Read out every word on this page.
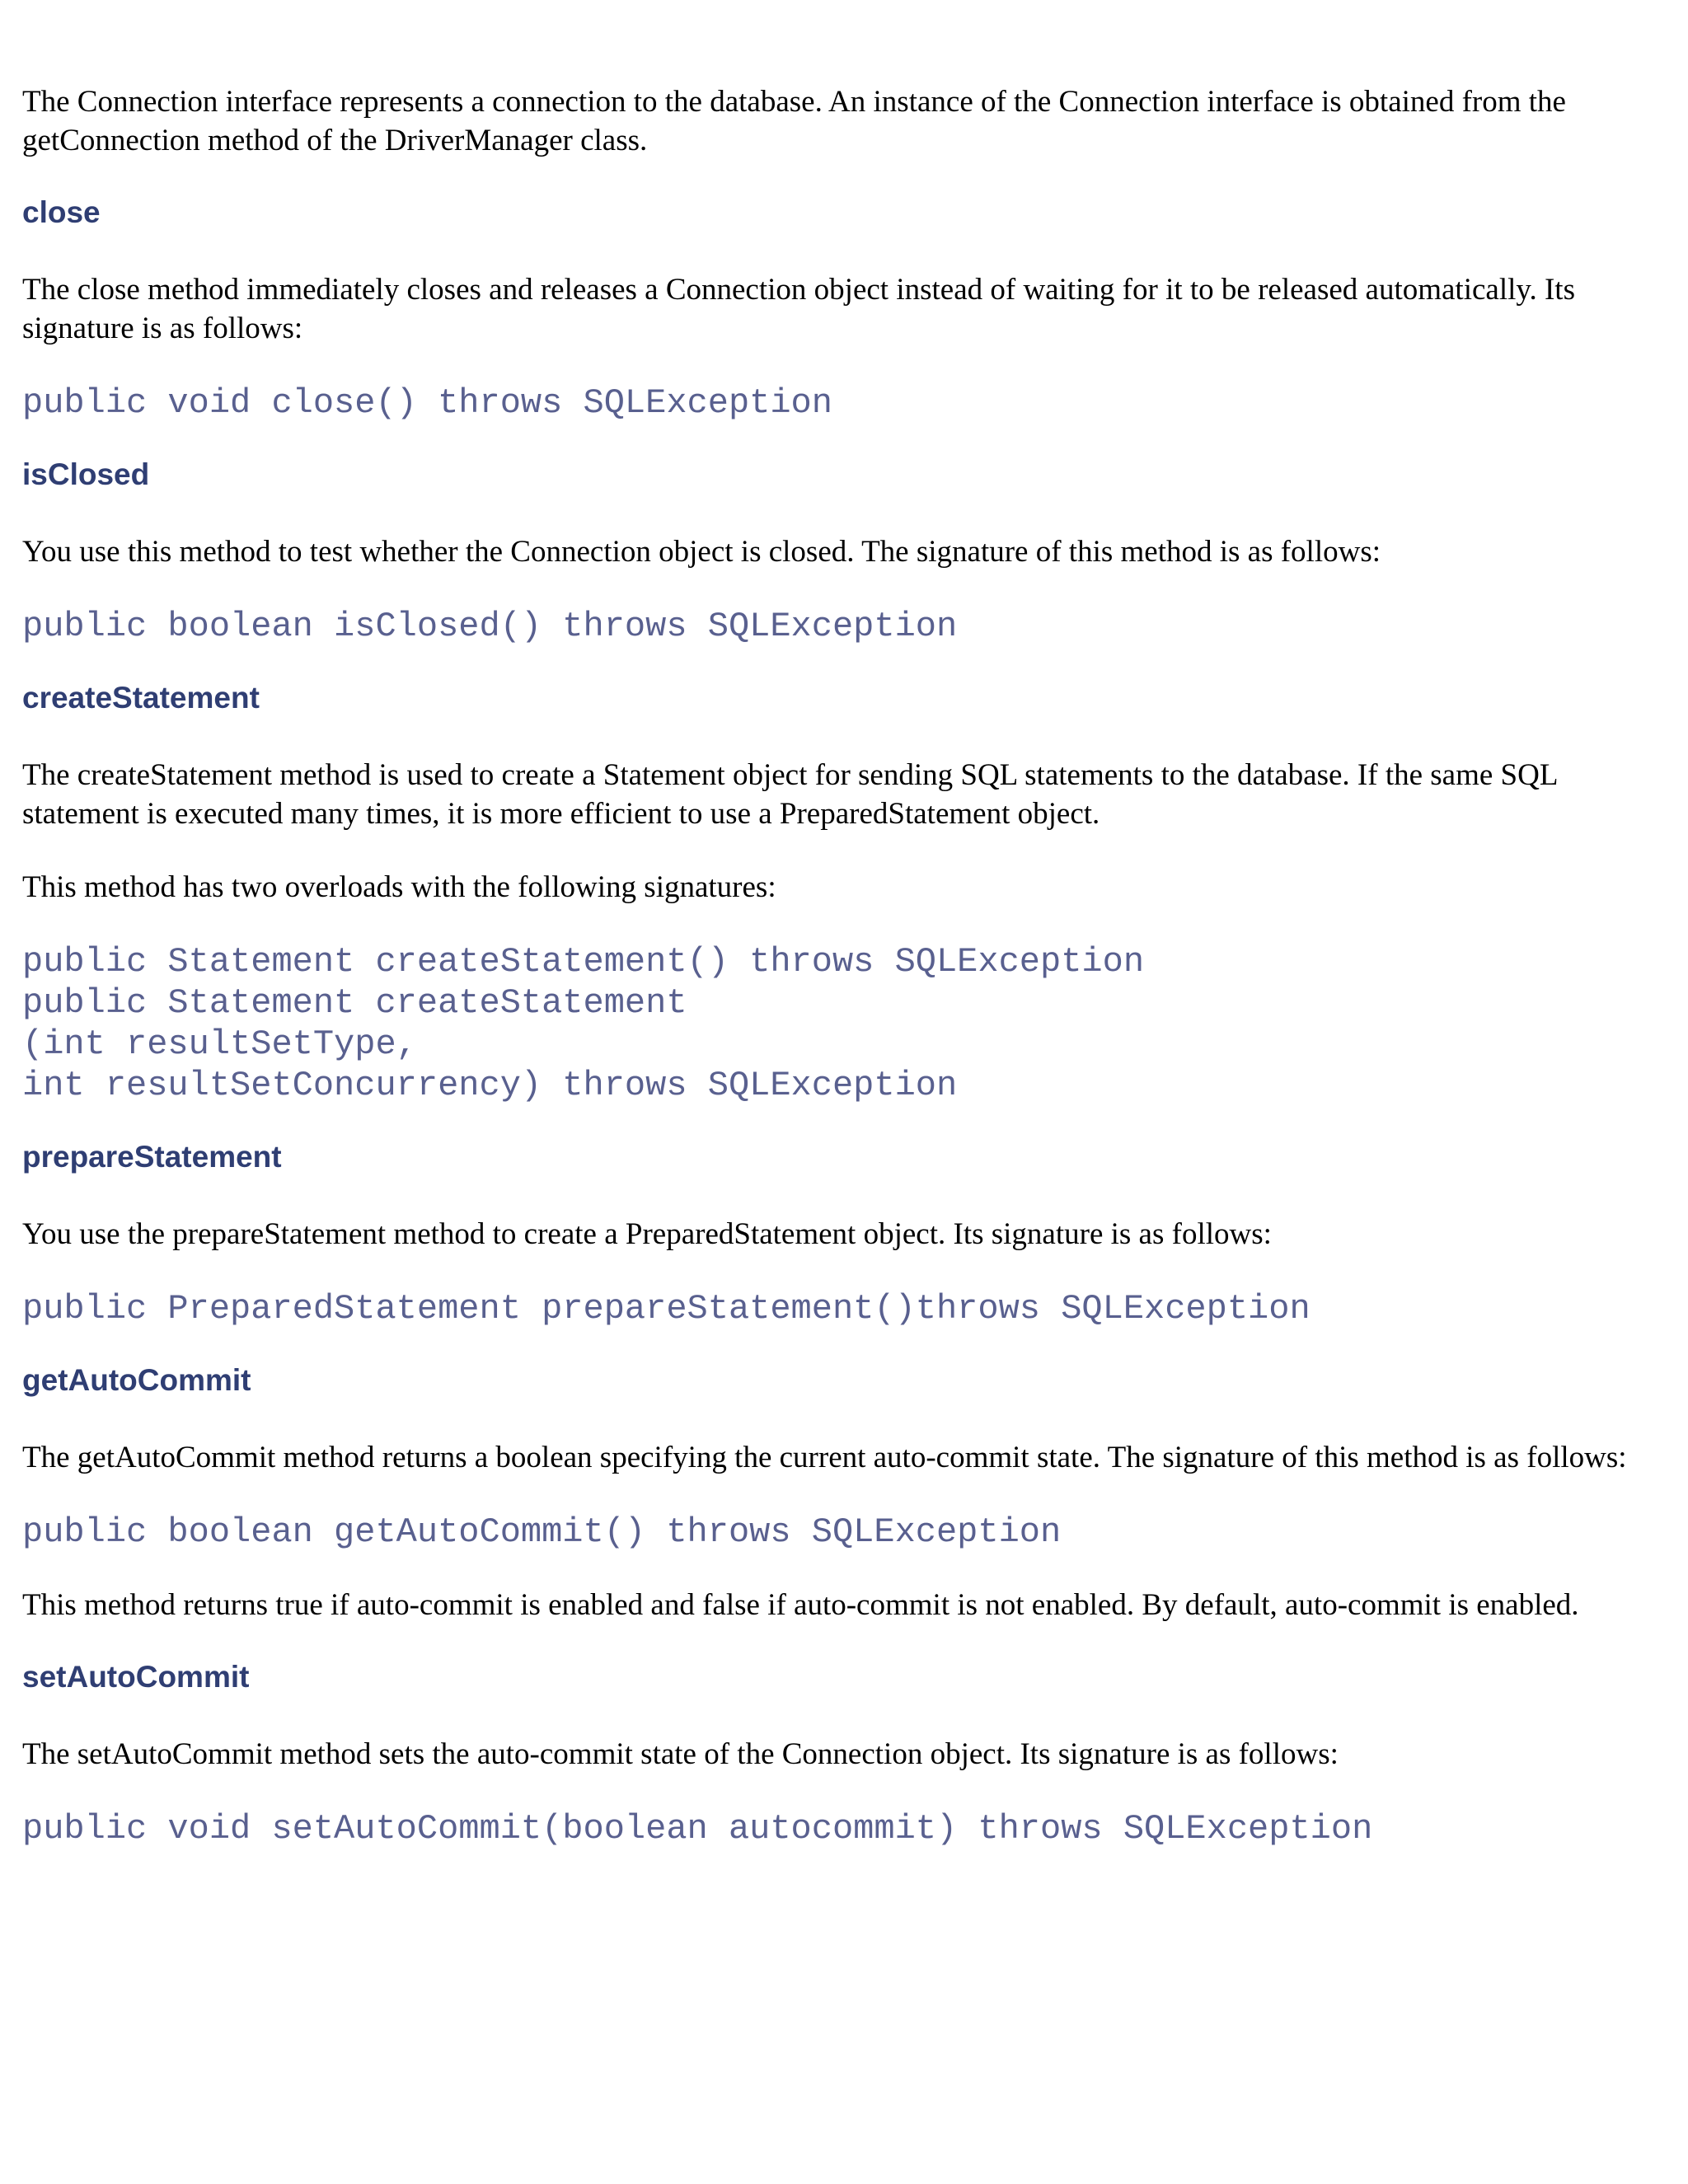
The Connection interface represents a connection to the database. An instance of the Connection interface is obtained from the getConnection method of the DriverManager class.

close

The close method immediately closes and releases a Connection object instead of waiting for it to be released automatically. Its signature is as follows:

public void close() throws SQLException
isClosed

You use this method to test whether the Connection object is closed. The signature of this method is as follows:

public boolean isClosed() throws SQLException
createStatement

The createStatement method is used to create a Statement object for sending SQL statements to the database. If the same SQL statement is executed many times, it is more efficient to use a PreparedStatement object.

This method has two overloads with the following signatures:

public Statement createStatement() throws SQLException
public Statement createStatement
(int resultSetType,
int resultSetConcurrency) throws SQLException
prepareStatement

You use the prepareStatement method to create a PreparedStatement object. Its signature is as follows:

public PreparedStatement prepareStatement()throws SQLException
getAutoCommit

The getAutoCommit method returns a boolean specifying the current auto-commit state. The signature of this method is as follows:

public boolean getAutoCommit() throws SQLException

This method returns true if auto-commit is enabled and false if auto-commit is not enabled. By default, auto-commit is enabled.

setAutoCommit

The setAutoCommit method sets the auto-commit state of the Connection object. Its signature is as follows:

public void setAutoCommit(boolean autocommit) throws SQLException
